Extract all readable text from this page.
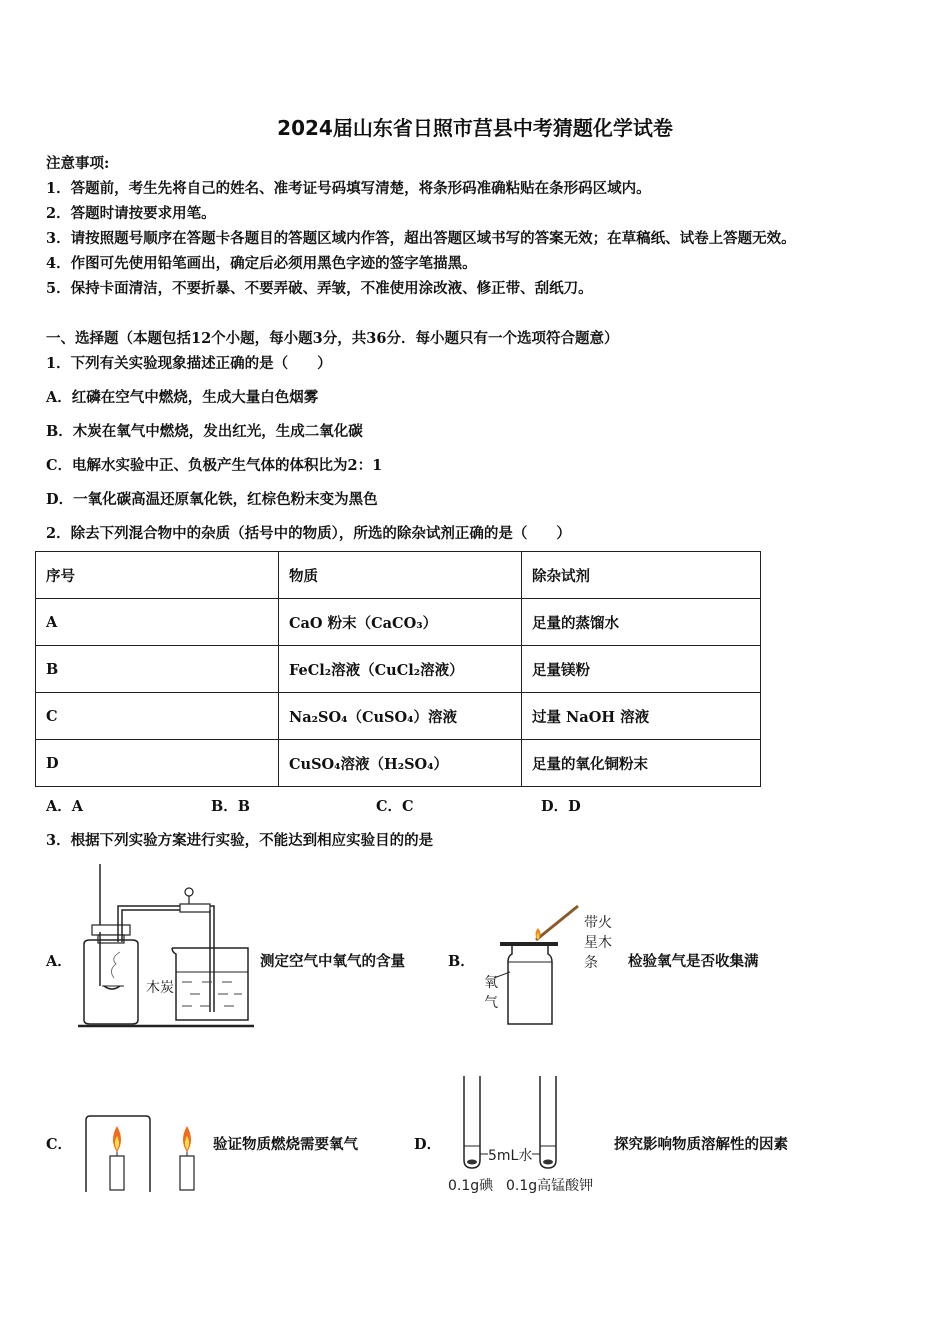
2024届山东省日照市莒县中考猜题化学试卷
注意事项:
1．答题前，考生先将自己的姓名、准考证号码填写清楚，将条形码准确粘贴在条形码区域内。
2．答题时请按要求用笔。
3．请按照题号顺序在答题卡各题目的答题区域内作答，超出答题区域书写的答案无效；在草稿纸、试卷上答题无效。
4．作图可先使用铅笔画出，确定后必须用黑色字迹的签字笔描黑。
5．保持卡面清洁，不要折暴、不要弄破、弄皱，不准使用涂改液、修正带、刮纸刀。
一、选择题（本题包括12个小题，每小题3分，共36分．每小题只有一个选项符合题意）
1．下列有关实验现象描述正确的是（　　）
A．红磷在空气中燃烧，生成大量白色烟雾
B．木炭在氧气中燃烧，发出红光，生成二氧化碳
C．电解水实验中正、负极产生气体的体积比为2：1
D．一氧化碳高温还原氧化铁，红棕色粉末变为黑色
2．除去下列混合物中的杂质（括号中的物质），所选的除杂试剂正确的是（　　）
序号	物质	除杂试剂
A	CaO 粉末（CaCO₃）	足量的蒸馏水
B	FeCl₂溶液（CuCl₂溶液）	足量镁粉
C	Na₂SO₄（CuSO₄）溶液	过量 NaOH 溶液
D	CuSO₄溶液（H₂SO₄）	足量的氧化铜粉末
A．A	B．B	C．C	D．D
3．根据下列实验方案进行实验，不能达到相应实验目的的是
A．
木炭
测定空气中氧气的含量	B．
带火
星木
条
氧
气
检验氧气是否收集满
C．	验证物质燃烧需要氧气	D．
5mL水
0.1g碘 0.1g高锰酸钾
探究影响物质溶解性的因素
